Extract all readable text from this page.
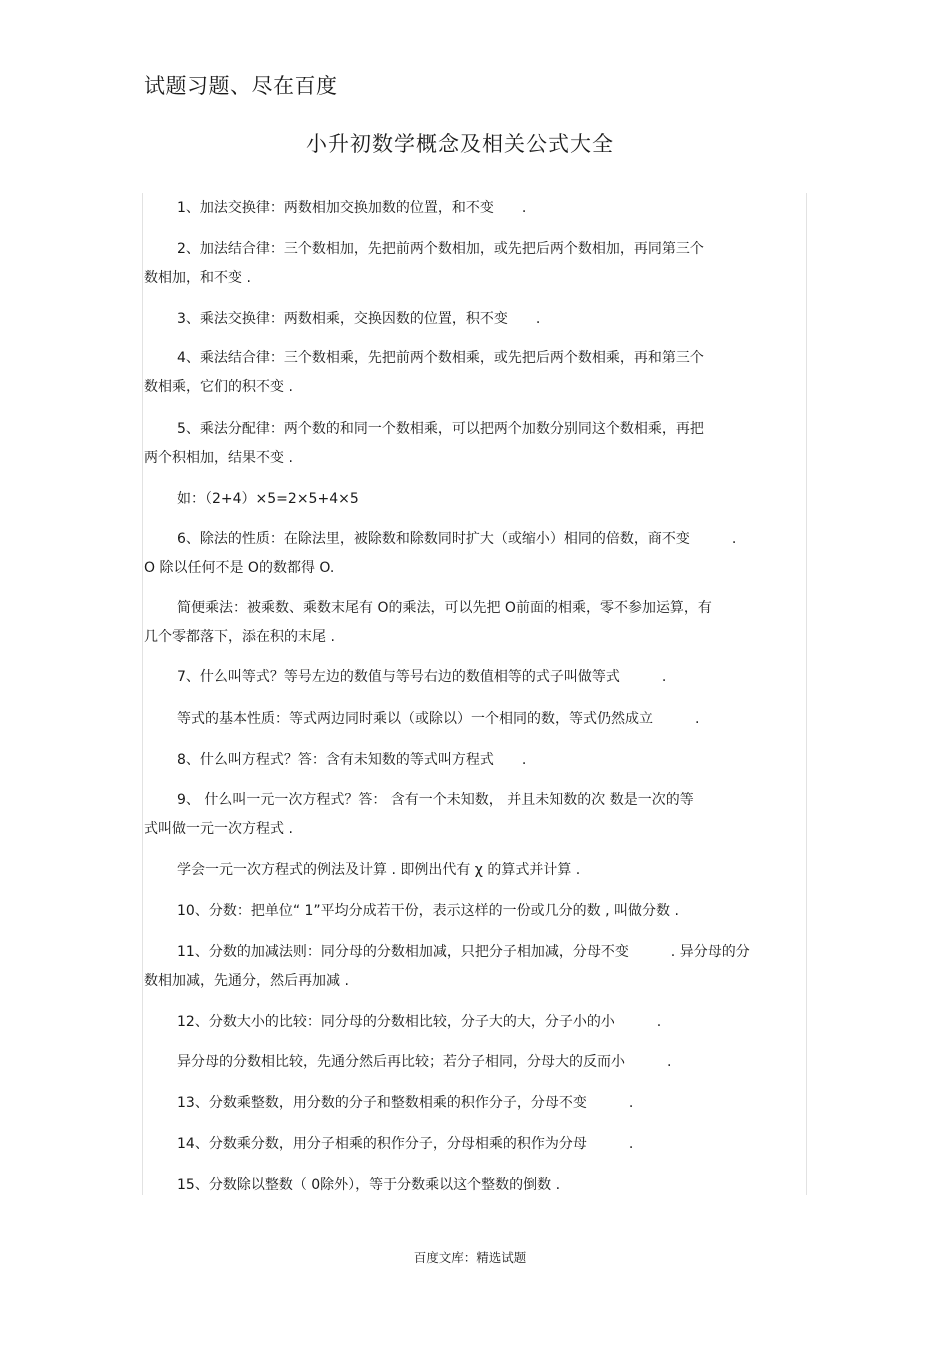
试题习题、尽在百度
小升初数学概念及相关公式大全
1、加法交换律：两数相加交换加数的位置，和不变　　.
2、加法结合律：三个数相加，先把前两个数相加，或先把后两个数相加，再同第三个
数相加，和不变 .
3、乘法交换律：两数相乘，交换因数的位置，积不变　　.
4、乘法结合律：三个数相乘，先把前两个数相乘，或先把后两个数相乘，再和第三个
数相乘，它们的积不变 .
5、乘法分配律：两个数的和同一个数相乘，可以把两个加数分别同这个数相乘，再把
两个积相加，结果不变 .
如：（2+4）×5=2×5+4×5
6、除法的性质：在除法里，被除数和除数同时扩大（或缩小）相同的倍数，商不变　　　.
O 除以任何不是 O的数都得 O.
简便乘法：被乘数、乘数末尾有 O的乘法，可以先把 O前面的相乘，零不参加运算，有
几个零都落下，添在积的末尾 .
7、什么叫等式？等号左边的数值与等号右边的数值相等的式子叫做等式　　　.
等式的基本性质：等式两边同时乘以（或除以）一个相同的数，等式仍然成立　　　.
8、什么叫方程式？答：含有未知数的等式叫方程式　　.
9、 什么叫一元一次方程式？答： 含有一个未知数， 并且未知数的次 数是一次的等
式叫做一元一次方程式 .
学会一元一次方程式的例法及计算 . 即例出代有 χ 的算式并计算 .
10、分数：把单位“ 1”平均分成若干份，表示这样的一份或几分的数 , 叫做分数 .
11、分数的加减法则：同分母的分数相加减，只把分子相加减，分母不变　　　. 异分母的分
数相加减，先通分，然后再加减 .
12、分数大小的比较：同分母的分数相比较，分子大的大，分子小的小　　　.
异分母的分数相比较，先通分然后再比较；若分子相同，分母大的反而小　　　.
13、分数乘整数，用分数的分子和整数相乘的积作分子，分母不变　　　.
14、分数乘分数，用分子相乘的积作分子，分母相乘的积作为分母　　　.
15、分数除以整数（ 0除外），等于分数乘以这个整数的倒数 .
百度文库：精选试题
